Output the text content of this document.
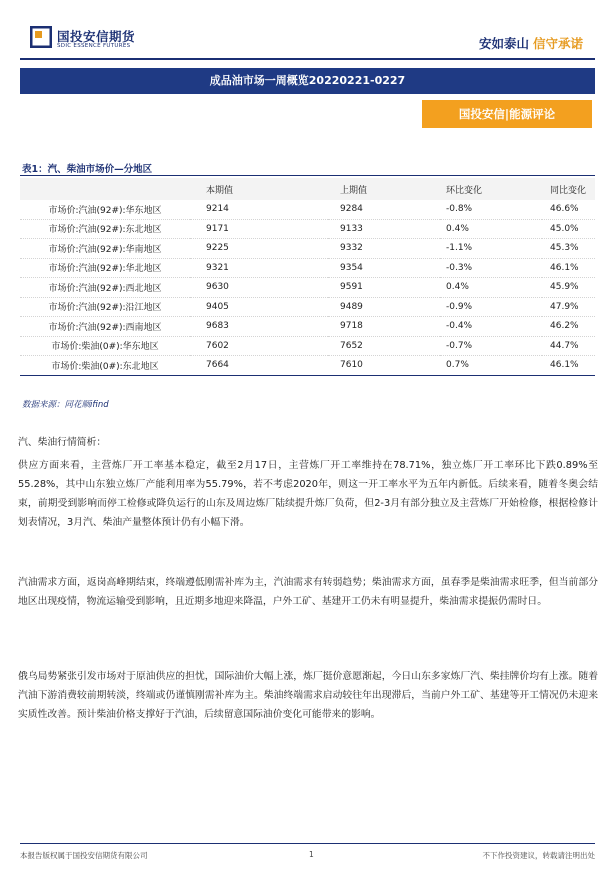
国投安信期货
SDIC ESSENCE FUTURES	安如泰山 信守承诺
成品油市场一周概览20220221-0227
国投安信|能源评论
表1：汽、柴油市场价—分地区
	本期值	上期值	环比变化	同比变化
市场价:汽油(92#):华东地区	9214	9284	-0.8%	46.6%
市场价:汽油(92#):东北地区	9171	9133	0.4%	45.0%
市场价:汽油(92#):华南地区	9225	9332	-1.1%	45.3%
市场价:汽油(92#):华北地区	9321	9354	-0.3%	46.1%
市场价:汽油(92#):西北地区	9630	9591	0.4%	45.9%
市场价:汽油(92#):沿江地区	9405	9489	-0.9%	47.9%
市场价:汽油(92#):西南地区	9683	9718	-0.4%	46.2%
市场价:柴油(0#):华东地区	7602	7652	-0.7%	44.7%
市场价:柴油(0#):东北地区	7664	7610	0.7%	46.1%
数据来源：同花顺ifind

汽、柴油行情简析：

供应方面来看，主营炼厂开工率基本稳定，截至2月17日，主营炼厂开工率维持在78.71%，独立炼厂开工率环比下跌0.89%至55.28%，其中山东独立炼厂产能利用率为55.79%，若不考虑2020年，则这一开工率水平为五年内新低。后续来看，随着冬奥会结束，前期受到影响而停工检修或降负运行的山东及周边炼厂陆续提升炼厂负荷，但2-3月有部分独立及主营炼厂开始检修，根据检修计划表情况，3月汽、柴油产量整体预计仍有小幅下滑。

汽油需求方面，返岗高峰期结束，终端遵低刚需补库为主，汽油需求有转弱趋势；柴油需求方面，虽春季是柴油需求旺季，但当前部分地区出现疫情，物流运输受到影响，且近期多地迎来降温，户外工矿、基建开工仍未有明显提升，柴油需求提振仍需时日。

俄乌局势紧张引发市场对于原油供应的担忧，国际油价大幅上涨，炼厂挺价意愿渐起，今日山东多家炼厂汽、柴挂牌价均有上涨。随着汽油下游消费较前期转淡，终端或仍谨慎刚需补库为主。柴油终端需求启动较往年出现滞后，当前户外工矿、基建等开工情况仍未迎来实质性改善。预计柴油价格支撑好于汽油，后续留意国际油价变化可能带来的影响。

本报告版权属于国投安信期货有限公司	1	不下作投资建议，转载请注明出处
